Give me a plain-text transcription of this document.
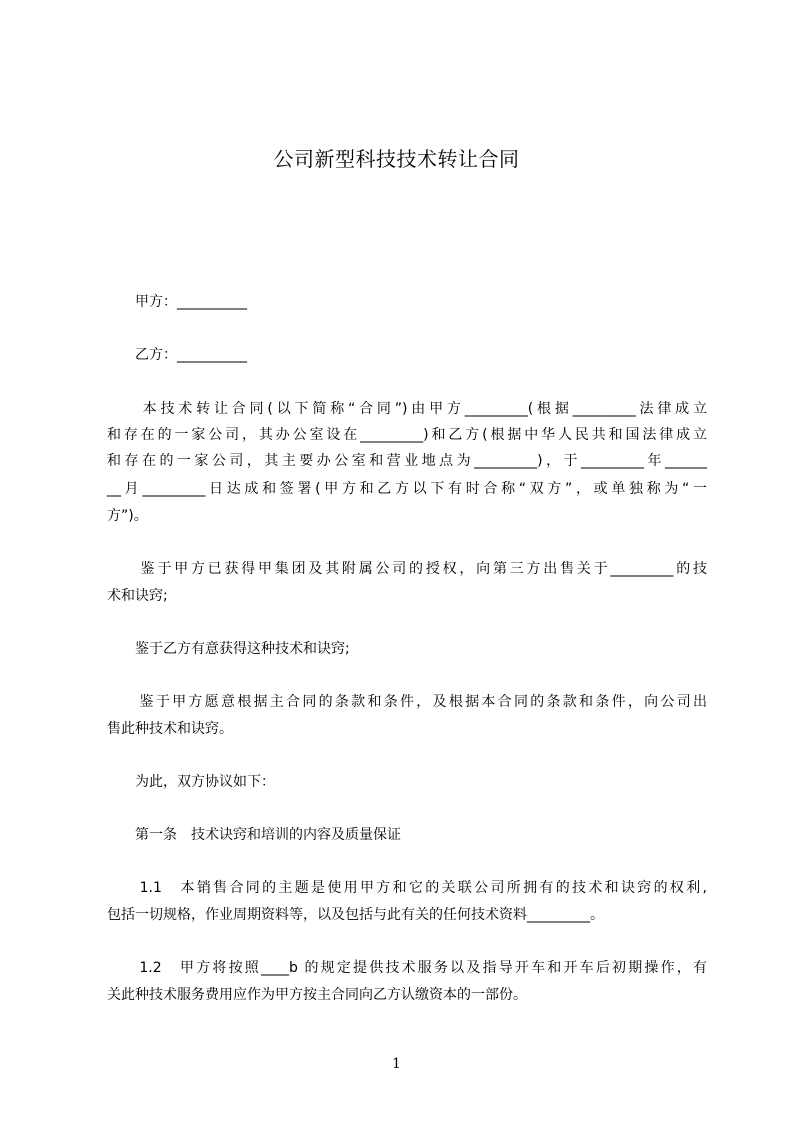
公司新型科技技术转让合同
　　甲方：__________
　　乙方：__________
　　本技术转让合同(以下简称“合同”)由甲方_________(根据_________法律成立
和存在的一家公司，其办公室设在_________)和乙方(根据中华人民共和国法律成立
和存在的一家公司，其主要办公室和营业地点为_________)，于_________年______
__月_________日达成和签署(甲方和乙方以下有时合称“双方”，或单独称为“一
方”)。
　　鉴于甲方已获得甲集团及其附属公司的授权，向第三方出售关于_________的技
术和诀窍;
　　鉴于乙方有意获得这种技术和诀窍;
　　鉴于甲方愿意根据主合同的条款和条件，及根据本合同的条款和条件，向公司出
售此种技术和诀窍。
　　为此，双方协议如下：
　　第一条　技术诀窍和培训的内容及质量保证
　　1.1　本销售合同的主题是使用甲方和它的关联公司所拥有的技术和诀窍的权利,
包括一切规格，作业周期资料等，以及包括与此有关的任何技术资料_________。
　　1.2　甲方将按照____b 的规定提供技术服务以及指导开车和开车后初期操作，有
关此种技术服务费用应作为甲方按主合同向乙方认缴资本的一部份。
1
